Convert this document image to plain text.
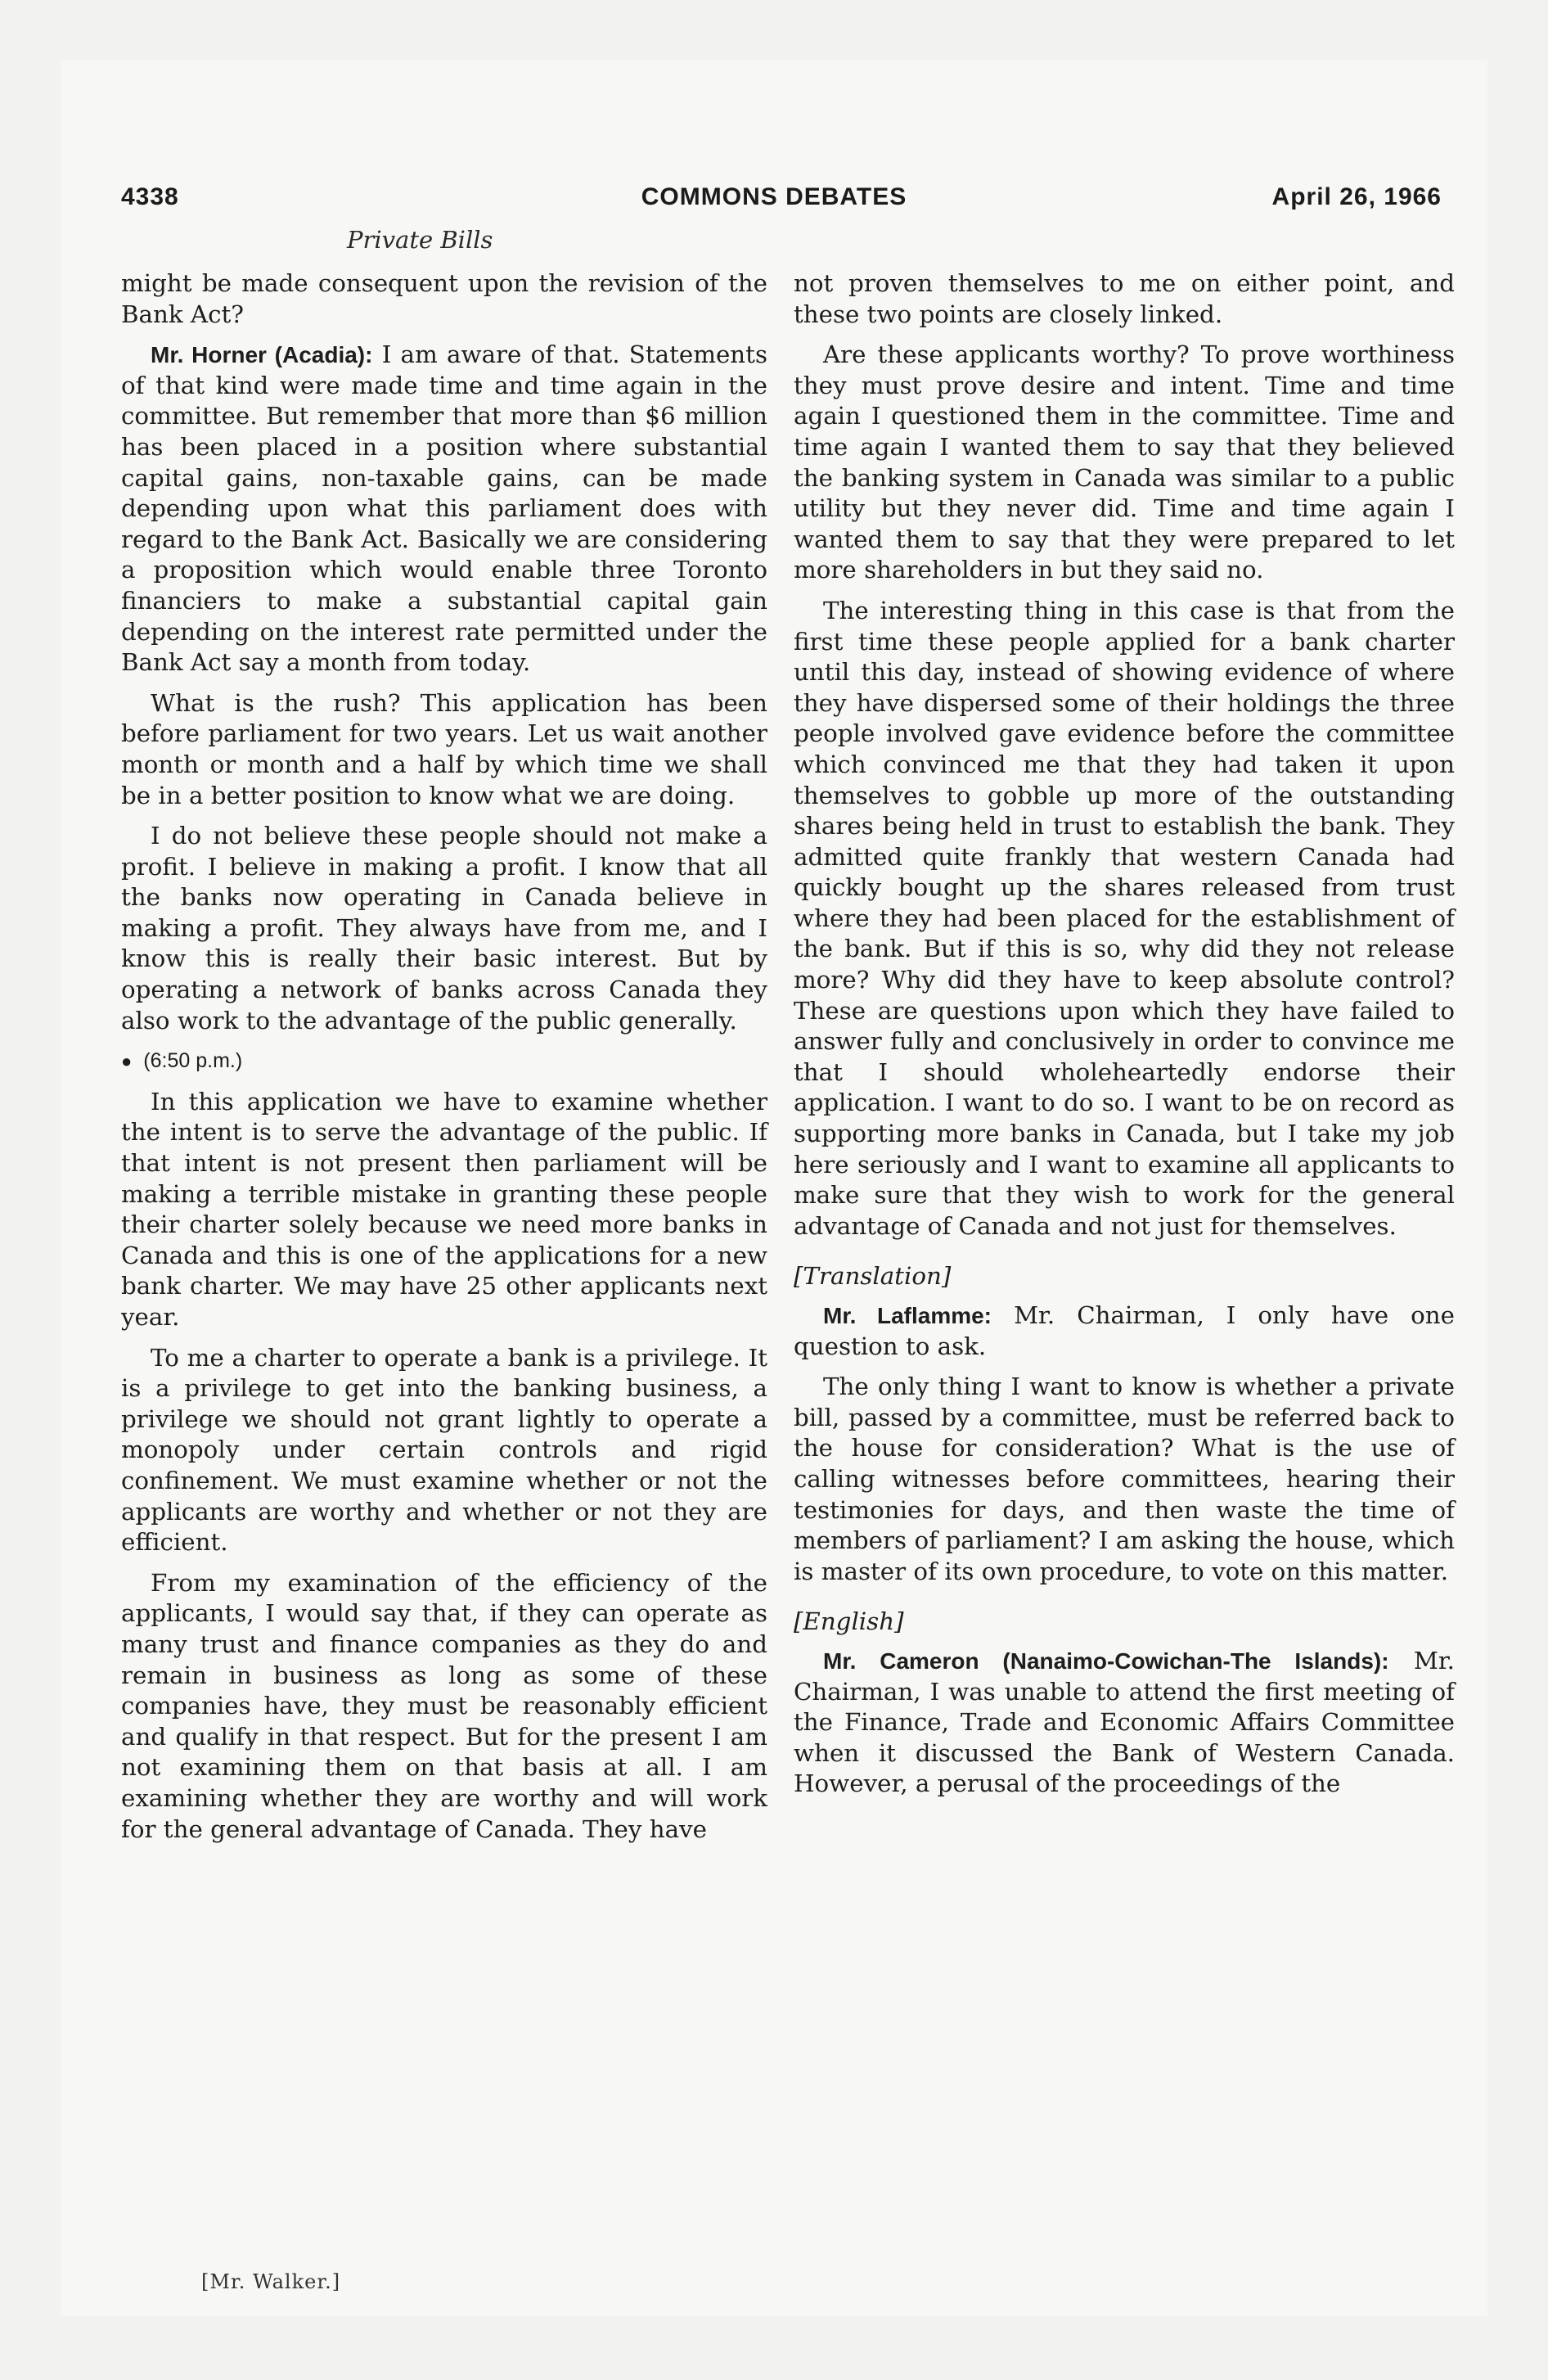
4338	COMMONS DEBATES	April 26, 1966
Private Bills

might be made consequent upon the revision of the Bank Act?

Mr. Horner (Acadia): I am aware of that. Statements of that kind were made time and time again in the committee. But remember that more than $6 million has been placed in a position where substantial capital gains, non-taxable gains, can be made depending upon what this parliament does with regard to the Bank Act. Basically we are considering a proposition which would enable three Toronto financiers to make a substantial capital gain depending on the interest rate permitted under the Bank Act say a month from today.

What is the rush? This application has been before parliament for two years. Let us wait another month or month and a half by which time we shall be in a better position to know what we are doing.

I do not believe these people should not make a profit. I believe in making a profit. I know that all the banks now operating in Canada believe in making a profit. They always have from me, and I know this is really their basic interest. But by operating a network of banks across Canada they also work to the advantage of the public generally.

● (6:50 p.m.)

In this application we have to examine whether the intent is to serve the advantage of the public. If that intent is not present then parliament will be making a terrible mistake in granting these people their charter solely because we need more banks in Canada and this is one of the applications for a new bank charter. We may have 25 other applicants next year.

To me a charter to operate a bank is a privilege. It is a privilege to get into the banking business, a privilege we should not grant lightly to operate a monopoly under certain controls and rigid confinement. We must examine whether or not the applicants are worthy and whether or not they are efficient.

From my examination of the efficiency of the applicants, I would say that, if they can operate as many trust and finance companies as they do and remain in business as long as some of these companies have, they must be reasonably efficient and qualify in that respect. But for the present I am not examining them on that basis at all. I am examining whether they are worthy and will work for the general advantage of Canada. They have

not proven themselves to me on either point, and these two points are closely linked.

Are these applicants worthy? To prove worthiness they must prove desire and intent. Time and time again I questioned them in the committee. Time and time again I wanted them to say that they believed the banking system in Canada was similar to a public utility but they never did. Time and time again I wanted them to say that they were prepared to let more shareholders in but they said no.

The interesting thing in this case is that from the first time these people applied for a bank charter until this day, instead of showing evidence of where they have dispersed some of their holdings the three people involved gave evidence before the committee which convinced me that they had taken it upon themselves to gobble up more of the outstanding shares being held in trust to establish the bank. They admitted quite frankly that western Canada had quickly bought up the shares released from trust where they had been placed for the establishment of the bank. But if this is so, why did they not release more? Why did they have to keep absolute control? These are questions upon which they have failed to answer fully and conclusively in order to convince me that I should wholeheartedly endorse their application. I want to do so. I want to be on record as supporting more banks in Canada, but I take my job here seriously and I want to examine all applicants to make sure that they wish to work for the general advantage of Canada and not just for themselves.

[Translation]

Mr. Laflamme: Mr. Chairman, I only have one question to ask.

The only thing I want to know is whether a private bill, passed by a committee, must be referred back to the house for consideration? What is the use of calling witnesses before committees, hearing their testimonies for days, and then waste the time of members of parliament? I am asking the house, which is master of its own procedure, to vote on this matter.

[English]

Mr. Cameron (Nanaimo-Cowichan-The Islands): Mr. Chairman, I was unable to attend the first meeting of the Finance, Trade and Economic Affairs Committee when it discussed the Bank of Western Canada. However, a perusal of the proceedings of the

[Mr. Walker.]
